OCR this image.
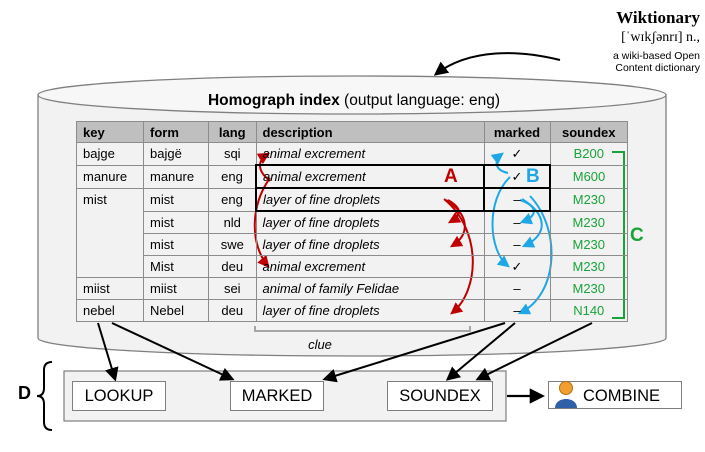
Wiktionary
[ˈwɪkʃənrɪ] n.,
a wiki-based Open
Content dictionary
Homograph index (output language: eng)
key	form	lang	description	marked	soundex
bajge	bajgë	sqi	animal excrement	✓	B200
manure	manure	eng	animal excrement	✓	M600
mist	mist	eng	layer of fine droplets	–	M230
	mist	nld	layer of fine droplets	–	M230
	mist	swe	layer of fine droplets	–	M230
	Mist	deu	animal excrement	✓	M230
miist	miist	sei	animal of family Felidae	–	M230
nebel	Nebel	deu	layer of fine droplets	–	N140
A	B
C
D
clue
LOOKUP	MARKED	SOUNDEX	COMBINE
